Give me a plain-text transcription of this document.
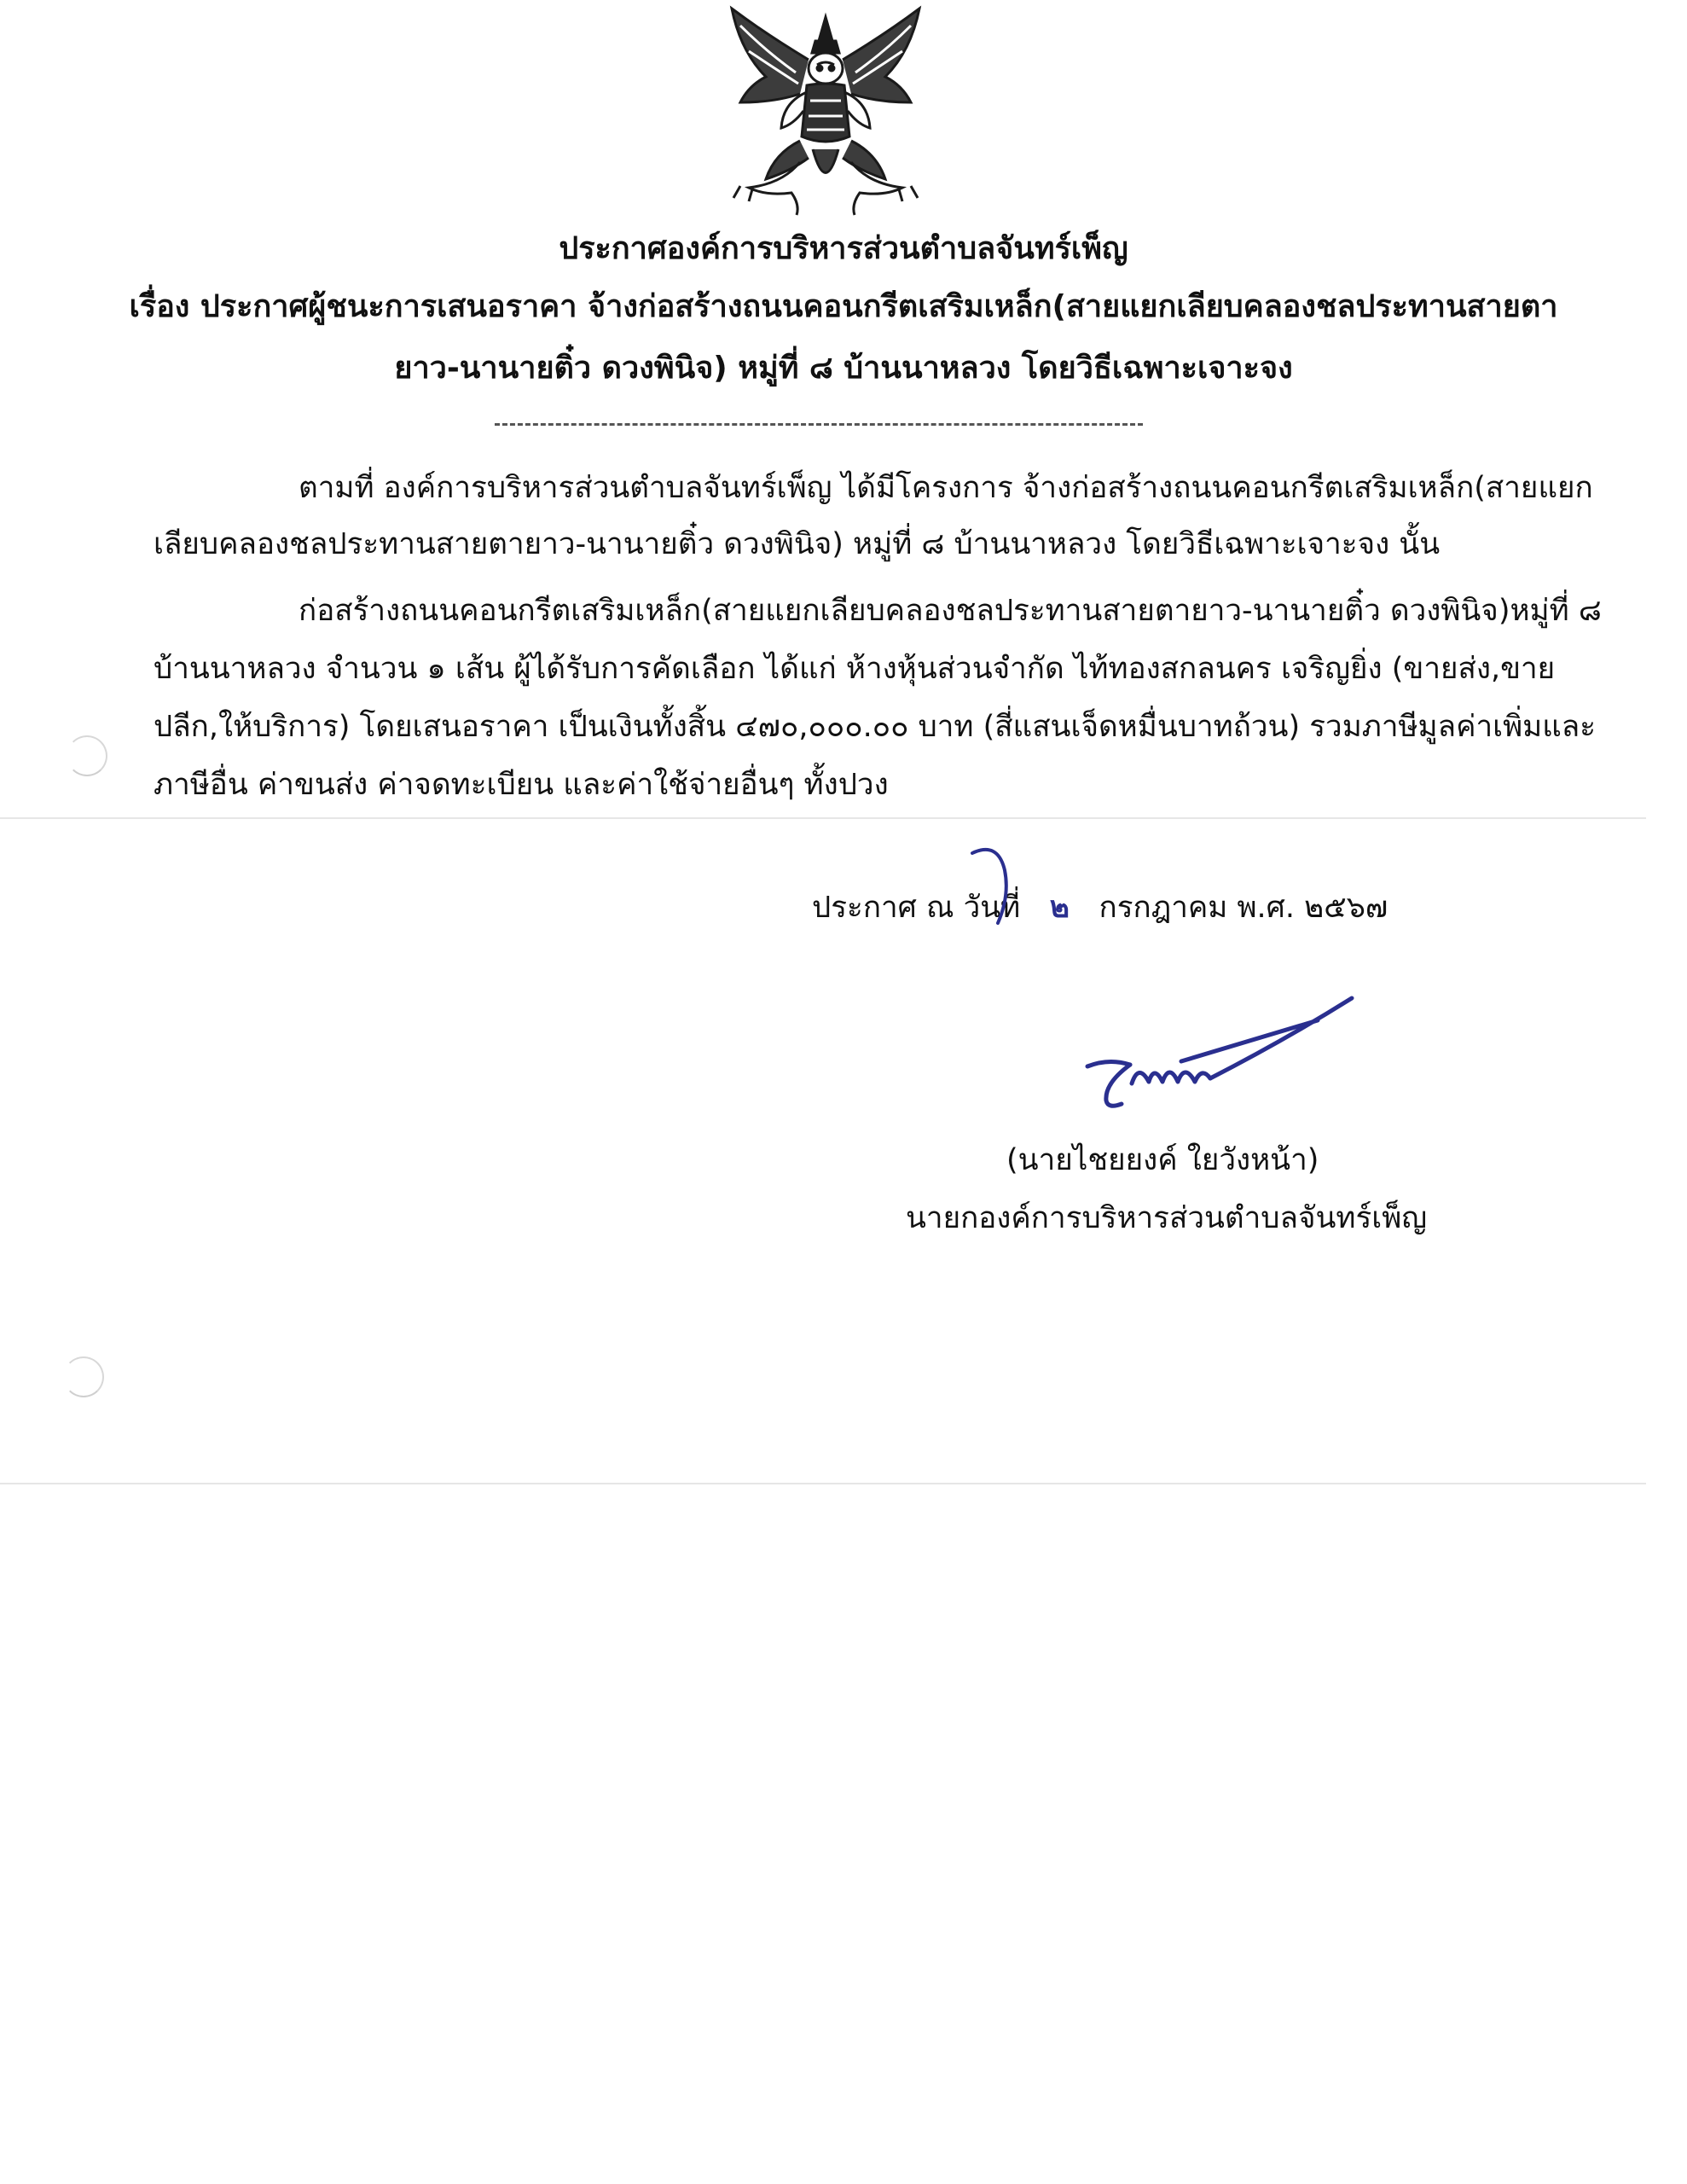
ประกาศองค์การบริหารส่วนตำบลจันทร์เพ็ญ
เรื่อง ประกาศผู้ชนะการเสนอราคา จ้างก่อสร้างถนนคอนกรีตเสริมเหล็ก(สายแยกเลียบคลองชลประทานสายตา
ยาว-นานายติ๋ว ดวงพินิจ) หมู่ที่ ๘ บ้านนาหลวง โดยวิธีเฉพาะเจาะจง
ตามที่ องค์การบริหารส่วนตำบลจันทร์เพ็ญ ได้มีโครงการ จ้างก่อสร้างถนนคอนกรีตเสริมเหล็ก(สายแยก
เลียบคลองชลประทานสายตายาว-นานายติ๋ว ดวงพินิจ) หมู่ที่ ๘ บ้านนาหลวง โดยวิธีเฉพาะเจาะจง นั้น
ก่อสร้างถนนคอนกรีตเสริมเหล็ก(สายแยกเลียบคลองชลประทานสายตายาว-นานายติ๋ว ดวงพินิจ)หมู่ที่ ๘
บ้านนาหลวง จำนวน ๑ เส้น ผู้ได้รับการคัดเลือก ได้แก่ ห้างหุ้นส่วนจำกัด ไท้ทองสกลนคร เจริญยิ่ง (ขายส่ง,ขาย
ปลีก,ให้บริการ) โดยเสนอราคา เป็นเงินทั้งสิ้น ๔๗๐,๐๐๐.๐๐ บาท (สี่แสนเจ็ดหมื่นบาทถ้วน) รวมภาษีมูลค่าเพิ่มและ
ภาษีอื่น ค่าขนส่ง ค่าจดทะเบียน และค่าใช้จ่ายอื่นๆ ทั้งปวง
ประกาศ ณ วันที่ ๒ กรกฎาคม พ.ศ. ๒๕๖๗
(นายไชยยงค์ ใยวังหน้า)
นายกองค์การบริหารส่วนตำบลจันทร์เพ็ญ
